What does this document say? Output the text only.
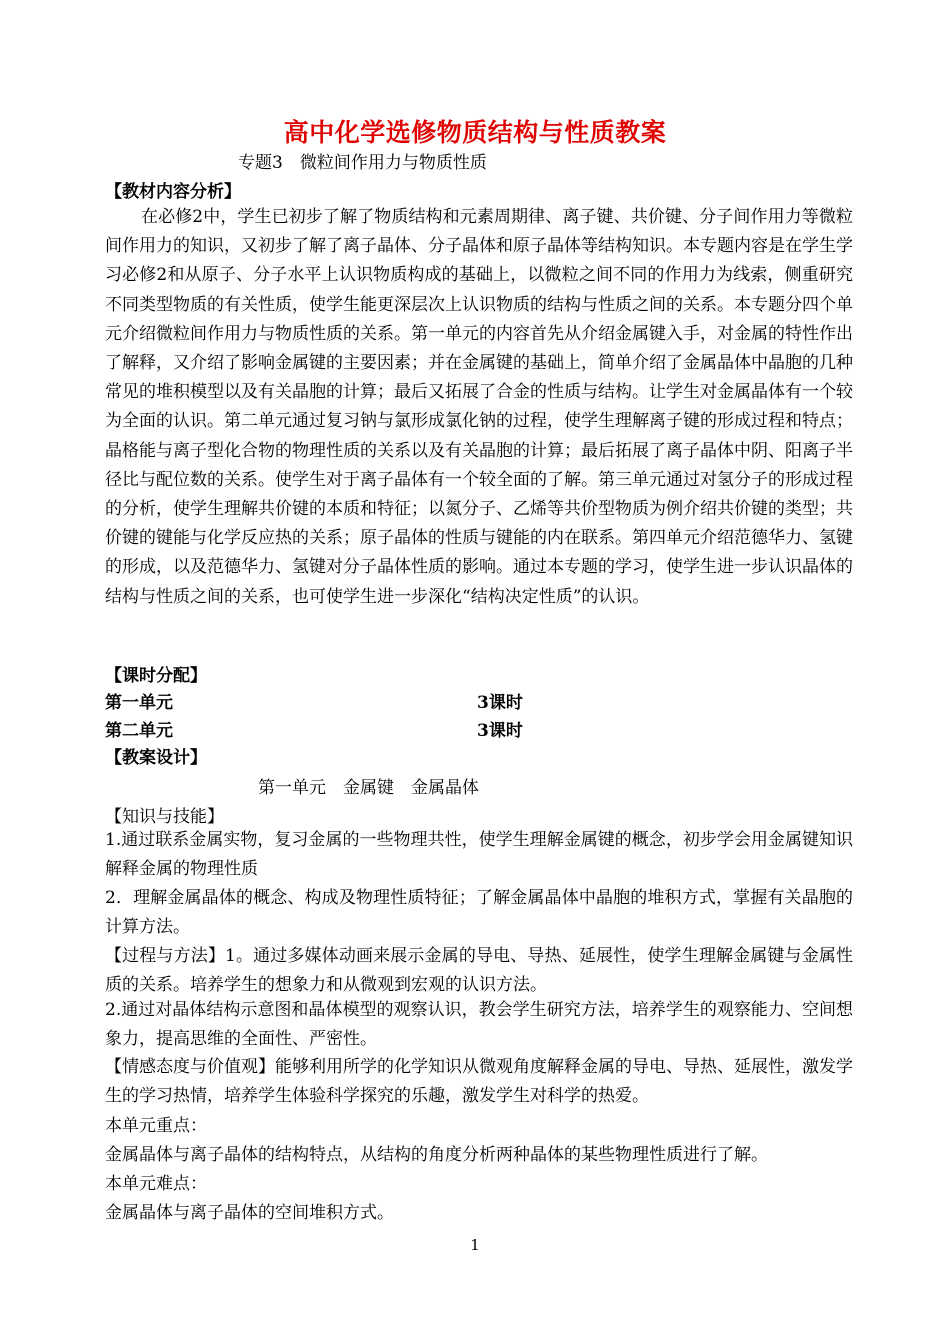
高中化学选修物质结构与性质教案
专题3　微粒间作用力与物质性质
【教材内容分析】
在必修2中，学生已初步了解了物质结构和元素周期律、离子键、共价键、分子间作用力等微粒间作用力的知识，又初步了解了离子晶体、分子晶体和原子晶体等结构知识。本专题内容是在学生学习必修2和从原子、分子水平上认识物质构成的基础上，以微粒之间不同的作用力为线索，侧重研究不同类型物质的有关性质，使学生能更深层次上认识物质的结构与性质之间的关系。本专题分四个单元介绍微粒间作用力与物质性质的关系。第一单元的内容首先从介绍金属键入手，对金属的特性作出了解释，又介绍了影响金属键的主要因素；并在金属键的基础上，简单介绍了金属晶体中晶胞的几种常见的堆积模型以及有关晶胞的计算；最后又拓展了合金的性质与结构。让学生对金属晶体有一个较为全面的认识。第二单元通过复习钠与氯形成氯化钠的过程，使学生理解离子键的形成过程和特点；晶格能与离子型化合物的物理性质的关系以及有关晶胞的计算；最后拓展了离子晶体中阴、阳离子半径比与配位数的关系。使学生对于离子晶体有一个较全面的了解。第三单元通过对氢分子的形成过程的分析，使学生理解共价键的本质和特征；以氮分子、乙烯等共价型物质为例介绍共价键的类型；共价键的键能与化学反应热的关系；原子晶体的性质与键能的内在联系。第四单元介绍范德华力、氢键的形成，以及范德华力、氢键对分子晶体性质的影响。通过本专题的学习，使学生进一步认识晶体的结构与性质之间的关系，也可使学生进一步深化“结构决定性质”的认识。
【课时分配】
第一单元	3课时
第二单元	3课时
【教案设计】
第一单元　金属键　金属晶体
【知识与技能】
1.通过联系金属实物，复习金属的一些物理共性，使学生理解金属键的概念，初步学会用金属键知识解释金属的物理性质
2．理解金属晶体的概念、构成及物理性质特征；了解金属晶体中晶胞的堆积方式，掌握有关晶胞的计算方法。
【过程与方法】1。通过多媒体动画来展示金属的导电、导热、延展性，使学生理解金属键与金属性质的关系。培养学生的想象力和从微观到宏观的认识方法。
2.通过对晶体结构示意图和晶体模型的观察认识，教会学生研究方法，培养学生的观察能力、空间想象力，提高思维的全面性、严密性。
【情感态度与价值观】能够利用所学的化学知识从微观角度解释金属的导电、导热、延展性，激发学生的学习热情，培养学生体验科学探究的乐趣，激发学生对科学的热爱。
本单元重点：
金属晶体与离子晶体的结构特点，从结构的角度分析两种晶体的某些物理性质进行了解。
本单元难点：
金属晶体与离子晶体的空间堆积方式。
1
